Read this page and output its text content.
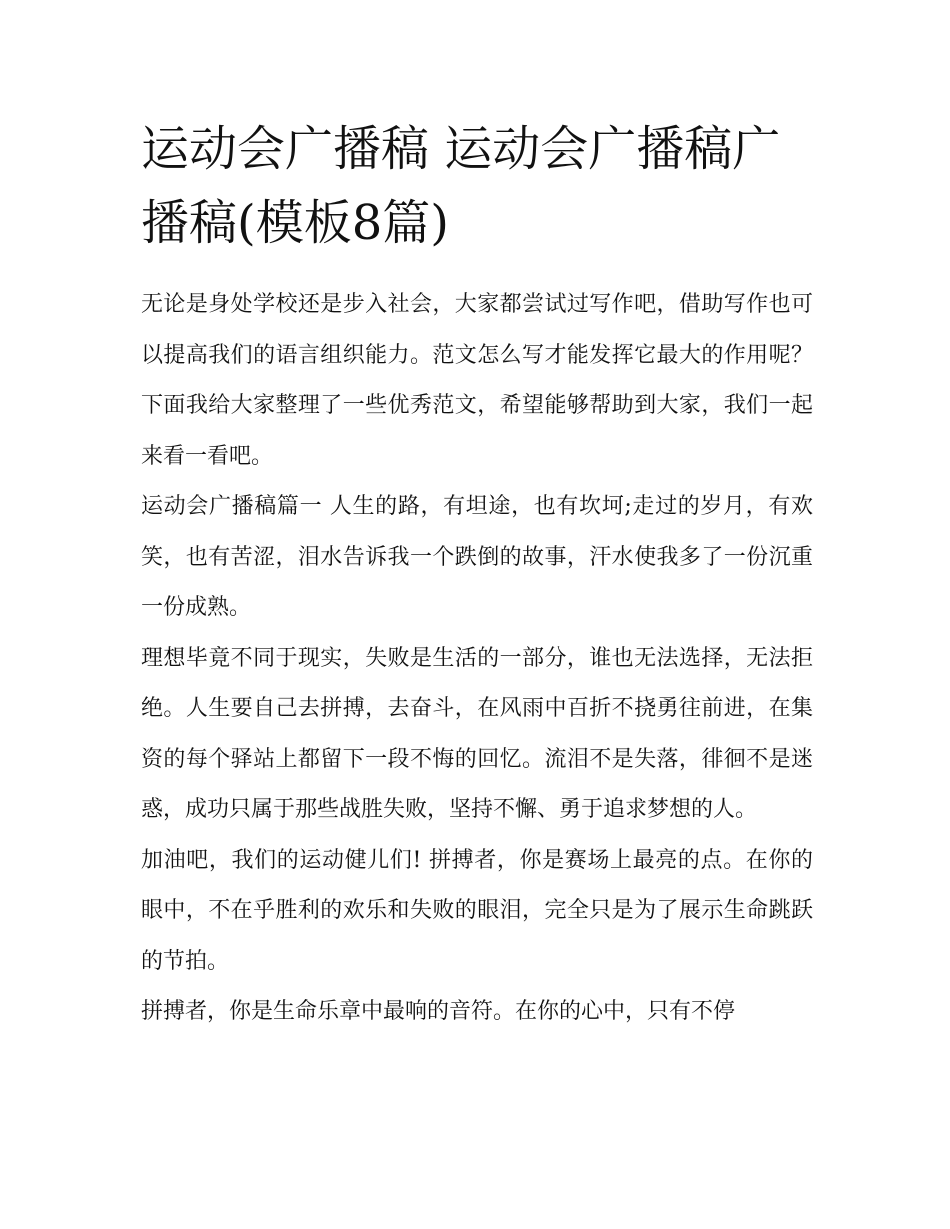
运动会广播稿 运动会广播稿广播稿(模板8篇)

无论是身处学校还是步入社会，大家都尝试过写作吧，借助写作也可以提高我们的语言组织能力。范文怎么写才能发挥它最大的作用呢？下面我给大家整理了一些优秀范文，希望能够帮助到大家，我们一起来看一看吧。

运动会广播稿篇一 人生的路，有坦途，也有坎坷;走过的岁月，有欢笑，也有苦涩，泪水告诉我一个跌倒的故事，汗水使我多了一份沉重一份成熟。

理想毕竟不同于现实，失败是生活的一部分，谁也无法选择，无法拒绝。人生要自己去拼搏，去奋斗，在风雨中百折不挠勇往前进，在集资的每个驿站上都留下一段不悔的回忆。流泪不是失落，徘徊不是迷惑，成功只属于那些战胜失败，坚持不懈、勇于追求梦想的人。

加油吧，我们的运动健儿们! 拼搏者，你是赛场上最亮的点。在你的眼中，不在乎胜利的欢乐和失败的眼泪，完全只是为了展示生命跳跃的节拍。

拼搏者，你是生命乐章中最响的音符。在你的心中，只有不停
